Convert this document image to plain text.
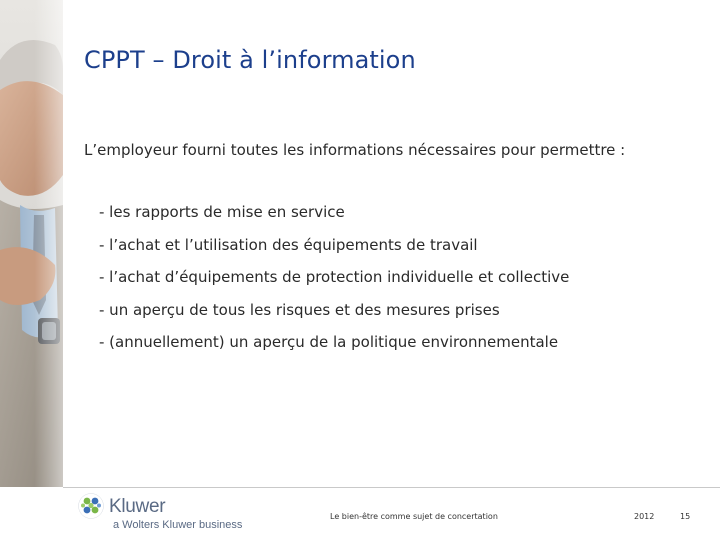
CPPT – Droit à l’information
L’employeur fourni toutes les informations nécessaires pour permettre :
- les rapports de mise en service
- l’achat et l’utilisation des équipements de travail
- l’achat d’équipements de protection individuelle et collective
- un aperçu de tous les risques et des mesures prises
- (annuellement) un aperçu de la politique environnementale
Kluwer
a Wolters Kluwer business
Le bien-être comme sujet de concertation	2012	15
